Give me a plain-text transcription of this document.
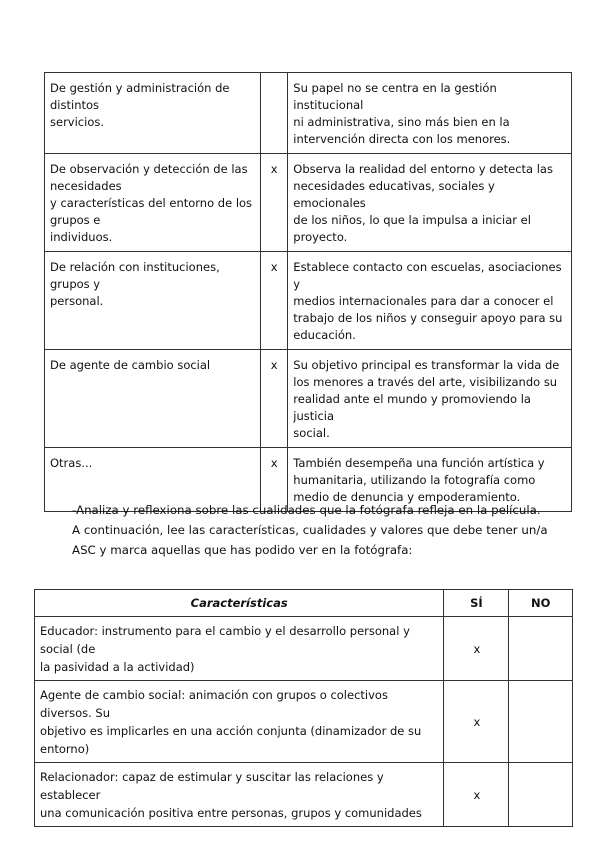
De gestión y administración de
distintos
servicios.		Su papel no se centra en la gestión institucional
ni administrativa, sino más bien en la
intervención directa con los menores.

De observación y detección de las
necesidades
y características del entorno de los
grupos e
individuos.	x	Observa la realidad del entorno y detecta las
necesidades educativas, sociales y emocionales
de los niños, lo que la impulsa a iniciar el
proyecto.

De relación con instituciones,
grupos y
personal.	x	Establece contacto con escuelas, asociaciones y
medios internacionales para dar a conocer el
trabajo de los niños y conseguir apoyo para su
educación.

De agente de cambio social	x	Su objetivo principal es transformar la vida de
los menores a través del arte, visibilizando su
realidad ante el mundo y promoviendo la justicia
social.

Otras...	x	También desempeña una función artística y
humanitaria, utilizando la fotografía como
medio de denuncia y empoderamiento.
-Analiza y reflexiona sobre las cualidades que la fotógrafa refleja en la película.
A continuación, lee las características, cualidades y valores que debe tener un/a
ASC y marca aquellas que has podido ver en la fotógrafa:
Características	SÍ	NO

Educador: instrumento para el cambio y el desarrollo personal y social (de
la pasividad a la actividad)	x	

Agente de cambio social: animación con grupos o colectivos diversos. Su
objetivo es implicarles en una acción conjunta (dinamizador de su
entorno)	x	

Relacionador: capaz de estimular y suscitar las relaciones y establecer
una comunicación positiva entre personas, grupos y comunidades	x	
